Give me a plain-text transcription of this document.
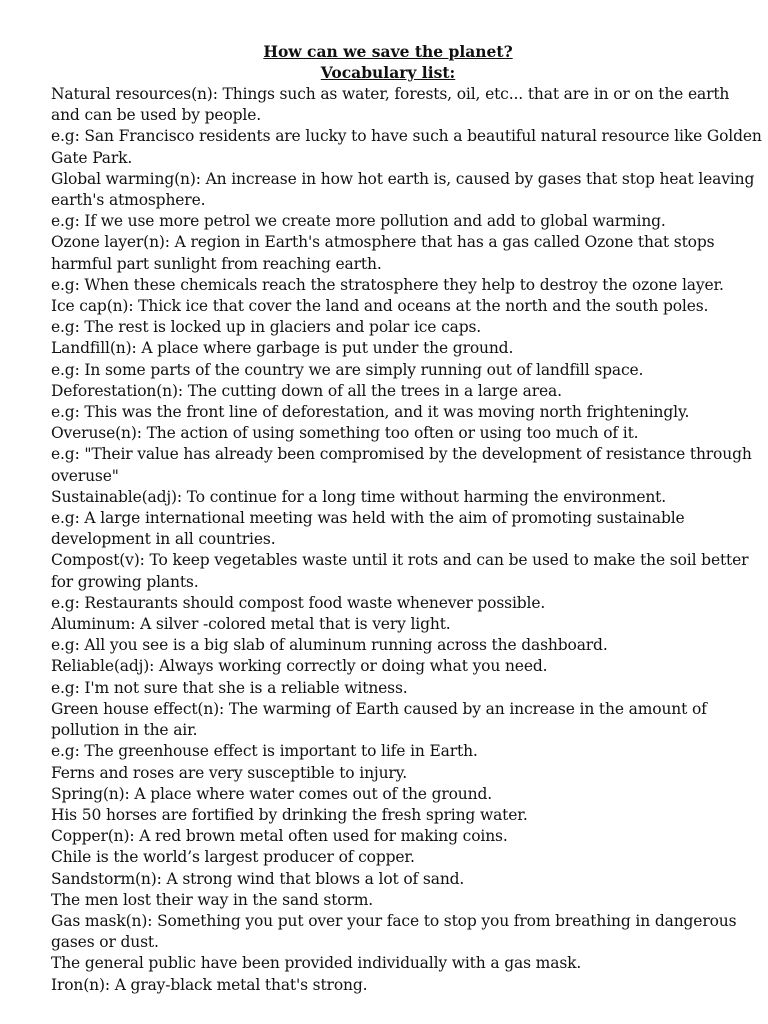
How can we save the planet?
Vocabulary list:

Natural resources(n): Things such as water, forests, oil, etc... that are in or on the earth

and can be used by people.

e.g: San Francisco residents are lucky to have such a beautiful natural resource like Golden

Gate Park.

Global warming(n): An increase in how hot earth is, caused by gases that stop heat leaving

earth's atmosphere.

e.g: If we use more petrol we create more pollution and add to global warming.

Ozone layer(n): A region in Earth's atmosphere that has a gas called Ozone that stops

harmful part sunlight from reaching earth.

e.g: When these chemicals reach the stratosphere they help to destroy the ozone layer.

Ice cap(n): Thick ice that cover the land and oceans at the north and the south poles.

e.g: The rest is locked up in glaciers and polar ice caps.

Landfill(n): A place where garbage is put under the ground.

e.g: In some parts of the country we are simply running out of landfill space.

Deforestation(n): The cutting down of all the trees in a large area.

e.g: This was the front line of deforestation, and it was moving north frighteningly.

Overuse(n): The action of using something too often or using too much of it.

e.g: "Their value has already been compromised by the development of resistance through

overuse"

Sustainable(adj): To continue for a long time without harming the environment.

e.g: A large international meeting was held with the aim of promoting sustainable

development in all countries.

Compost(v): To keep vegetables waste until it rots and can be used to make the soil better

for growing plants.

e.g: Restaurants should compost food waste whenever possible.

Aluminum: A silver -colored metal that is very light.

e.g: All you see is a big slab of aluminum running across the dashboard.

Reliable(adj): Always working correctly or doing what you need.

e.g: I'm not sure that she is a reliable witness.

Green house effect(n): The warming of Earth caused by an increase in the amount of

pollution in the air.

e.g: The greenhouse effect is important to life in Earth.

Ferns and roses are very susceptible to injury.

Spring(n): A place where water comes out of the ground.

His 50 horses are fortified by drinking the fresh spring water.

Copper(n): A red brown metal often used for making coins.

Chile is the world’s largest producer of copper.

Sandstorm(n): A strong wind that blows a lot of sand.

The men lost their way in the sand storm.

Gas mask(n): Something you put over your face to stop you from breathing in dangerous

gases or dust.

The general public have been provided individually with a gas mask.

Iron(n): A gray-black metal that's strong.
